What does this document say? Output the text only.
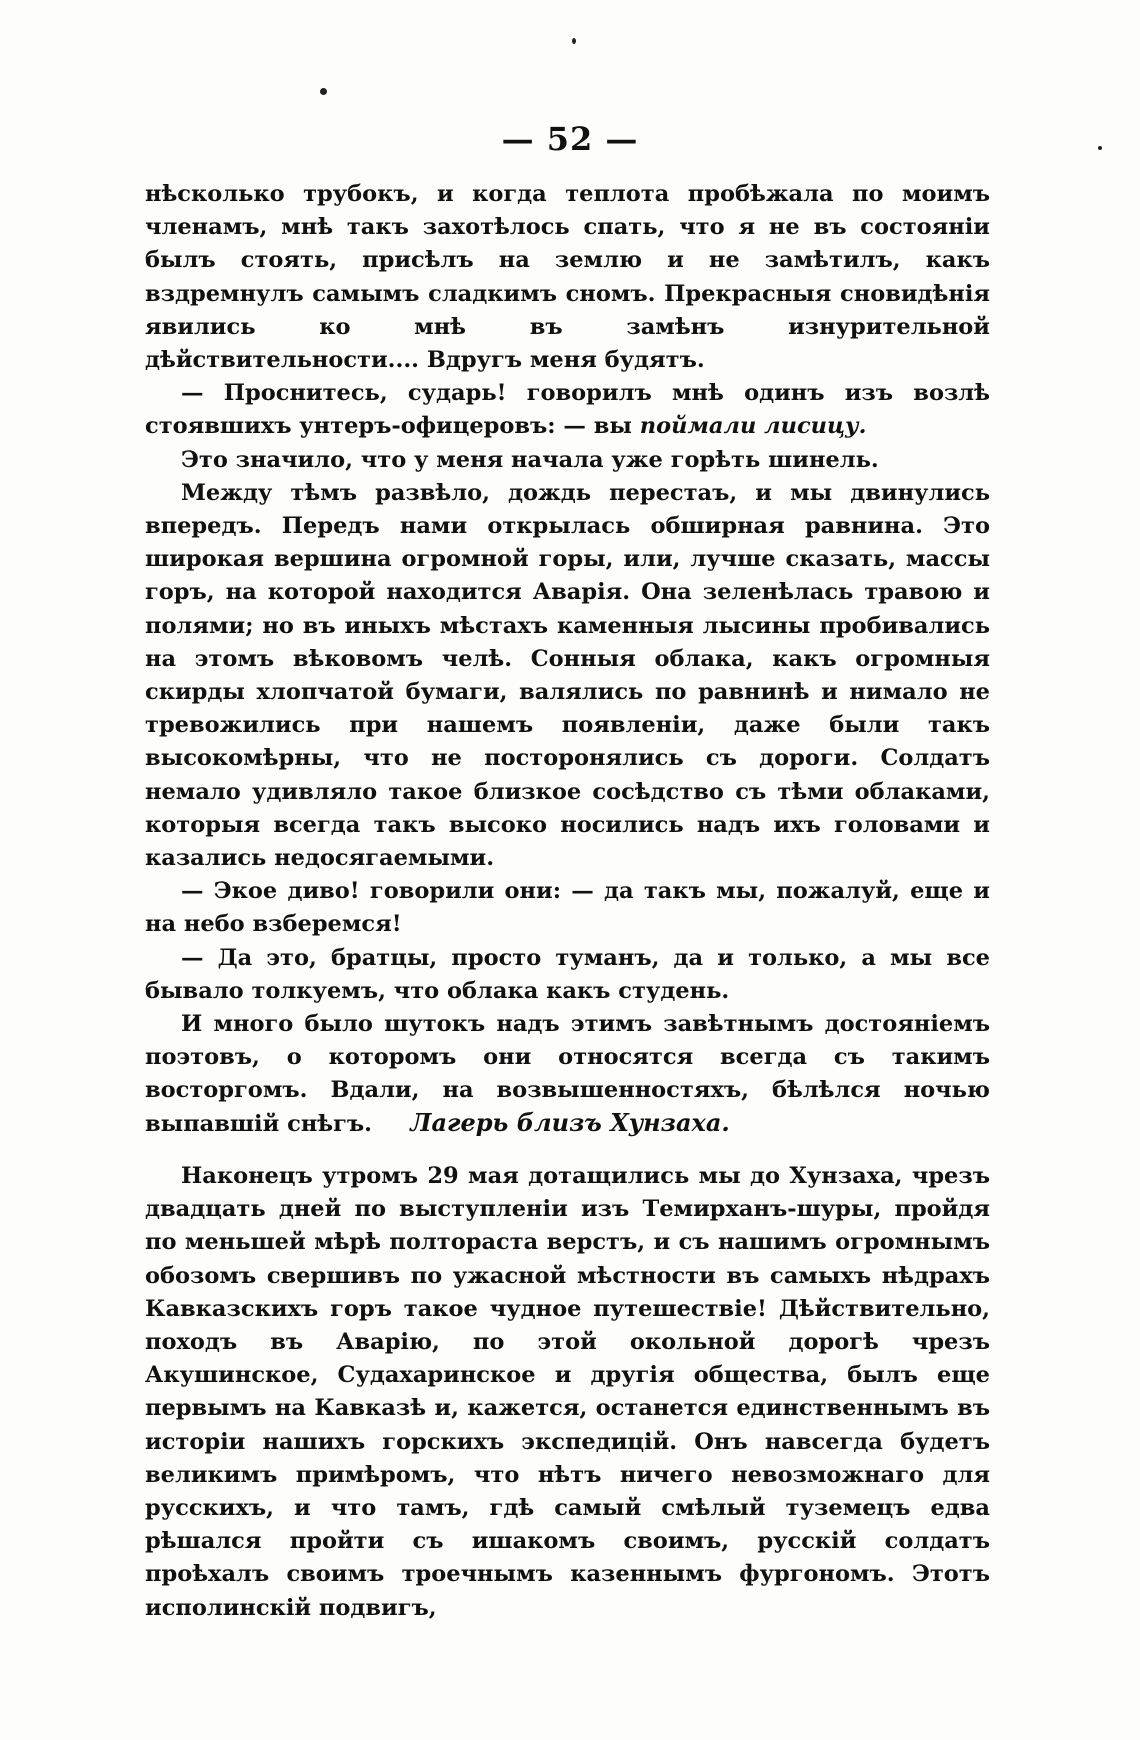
— 52 —

нѣсколько трубокъ, и когда теплота пробѣжала по моимъ членамъ, мнѣ такъ захотѣлось спать, что я не въ состояніи былъ стоять, присѣлъ на землю и не замѣтилъ, какъ вздремнулъ самымъ сладкимъ сномъ. Прекрасныя сновидѣнія явились ко мнѣ въ замѣнъ изнурительной дѣйствительности.... Вдругъ меня будятъ.

— Проснитесь, сударь! говорилъ мнѣ одинъ изъ возлѣ стоявшихъ унтеръ-офицеровъ: — вы поймали лисицу.

Это значило, что у меня начала уже горѣть шинель.

Между тѣмъ развѣло, дождь перестаъ, и мы двинулись впередъ. Передъ нами открылась обширная равнина. Это широкая вершина огромной горы, или, лучше сказать, массы горъ, на которой находится Аварія. Она зеленѣлась травою и полями; но въ иныхъ мѣстахъ каменныя лысины пробивались на этомъ вѣковомъ челѣ. Сонныя облака, какъ огромныя скирды хлопчатой бумаги, валялись по равнинѣ и нимало не тревожились при нашемъ появленіи, даже были такъ высокомѣрны, что не посторонялись съ дороги. Солдатъ немало удивляло такое близкое сосѣдство съ тѣми облаками, которыя всегда такъ высоко носились надъ ихъ головами и казались недосягаемыми.

— Экое диво! говорили они: — да такъ мы, пожалуй, еще и на небо взберемся!

— Да это, братцы, просто туманъ, да и только, а мы все бывало толкуемъ, что облака какъ студень.

И много было шутокъ надъ этимъ завѣтнымъ достояніемъ поэтовъ, о которомъ они относятся всегда съ такимъ восторгомъ. Вдали, на возвышенностяхъ, бѣлѣлся ночью выпавшій снѣгъ.	Лагерь близъ Хунзаха.

Наконецъ утромъ 29 мая дотащились мы до Хунзаха, чрезъ двадцать дней по выступленіи изъ Темирханъ-шуры, пройдя по меньшей мѣрѣ полтораста верстъ, и съ нашимъ огромнымъ обозомъ свершивъ по ужасной мѣстности въ самыхъ нѣдрахъ Кавказскихъ горъ такое чудное путешествіе! Дѣйствительно, походъ въ Аварію, по этой окольной дорогѣ чрезъ Акушинское, Судахаринское и другія общества, былъ еще первымъ на Кавказѣ и, кажется, останется единственнымъ въ исторіи нашихъ горскихъ экспедицій. Онъ навсегда будетъ великимъ примѣромъ, что нѣтъ ничего невозможнаго для русскихъ, и что тамъ, гдѣ самый смѣлый туземецъ едва рѣшался пройти съ ишакомъ своимъ, русскій солдатъ проѣхалъ своимъ троечнымъ казеннымъ фургономъ. Этотъ исполинскій подвигъ,
